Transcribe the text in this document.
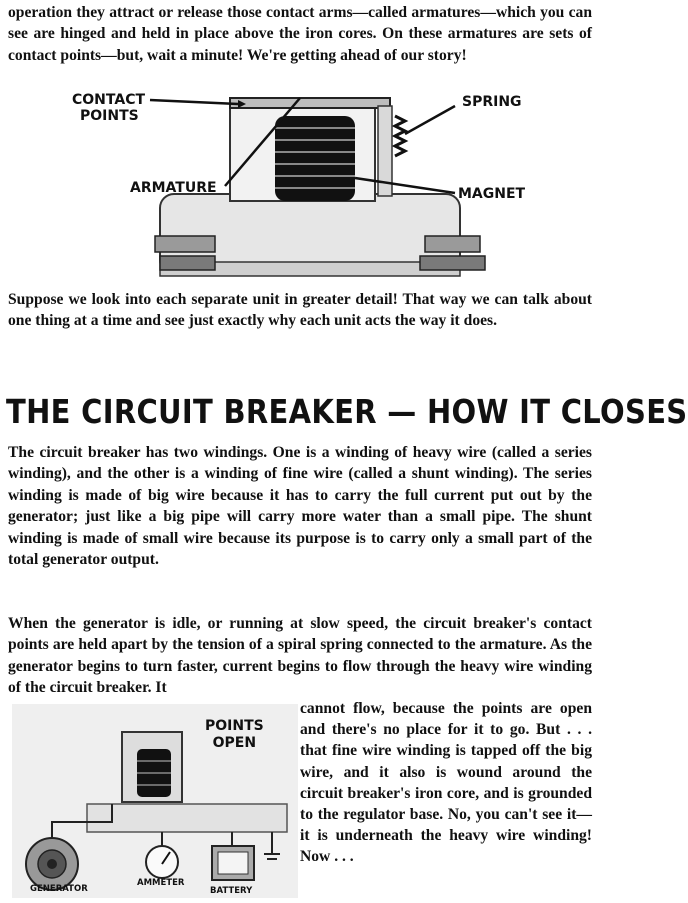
operation they attract or release those contact arms—called armatures—which you can see are hinged and held in place above the iron cores. On these armatures are sets of contact points—but, wait a minute! We're getting ahead of our story!

CONTACT
POINTS
SPRING
ARMATURE	MAGNET

Suppose we look into each separate unit in greater detail! That way we can talk about one thing at a time and see just exactly why each unit acts the way it does.

THE CIRCUIT BREAKER — HOW IT CLOSES

The circuit breaker has two windings. One is a winding of heavy wire (called a series winding), and the other is a winding of fine wire (called a shunt winding). The series winding is made of big wire because it has to carry the full current put out by the generator; just like a big pipe will carry more water than a small pipe. The shunt winding is made of small wire because its purpose is to carry only a small part of the total generator output.

When the generator is idle, or running at slow speed, the circuit breaker's contact points are held apart by the tension of a spiral spring connected to the armature. As the generator begins to turn faster, current begins to flow through the heavy wire winding of the circuit breaker. It

POINTS
OPEN
GENERATOR
AMMETER
BATTERY

cannot flow, because the points are open and there's no place for it to go. But . . . that fine wire winding is tapped off the big wire, and it also is wound around the circuit breaker's iron core, and is grounded to the regulator base. No, you can't see it—it is underneath the heavy wire winding! Now . . .
